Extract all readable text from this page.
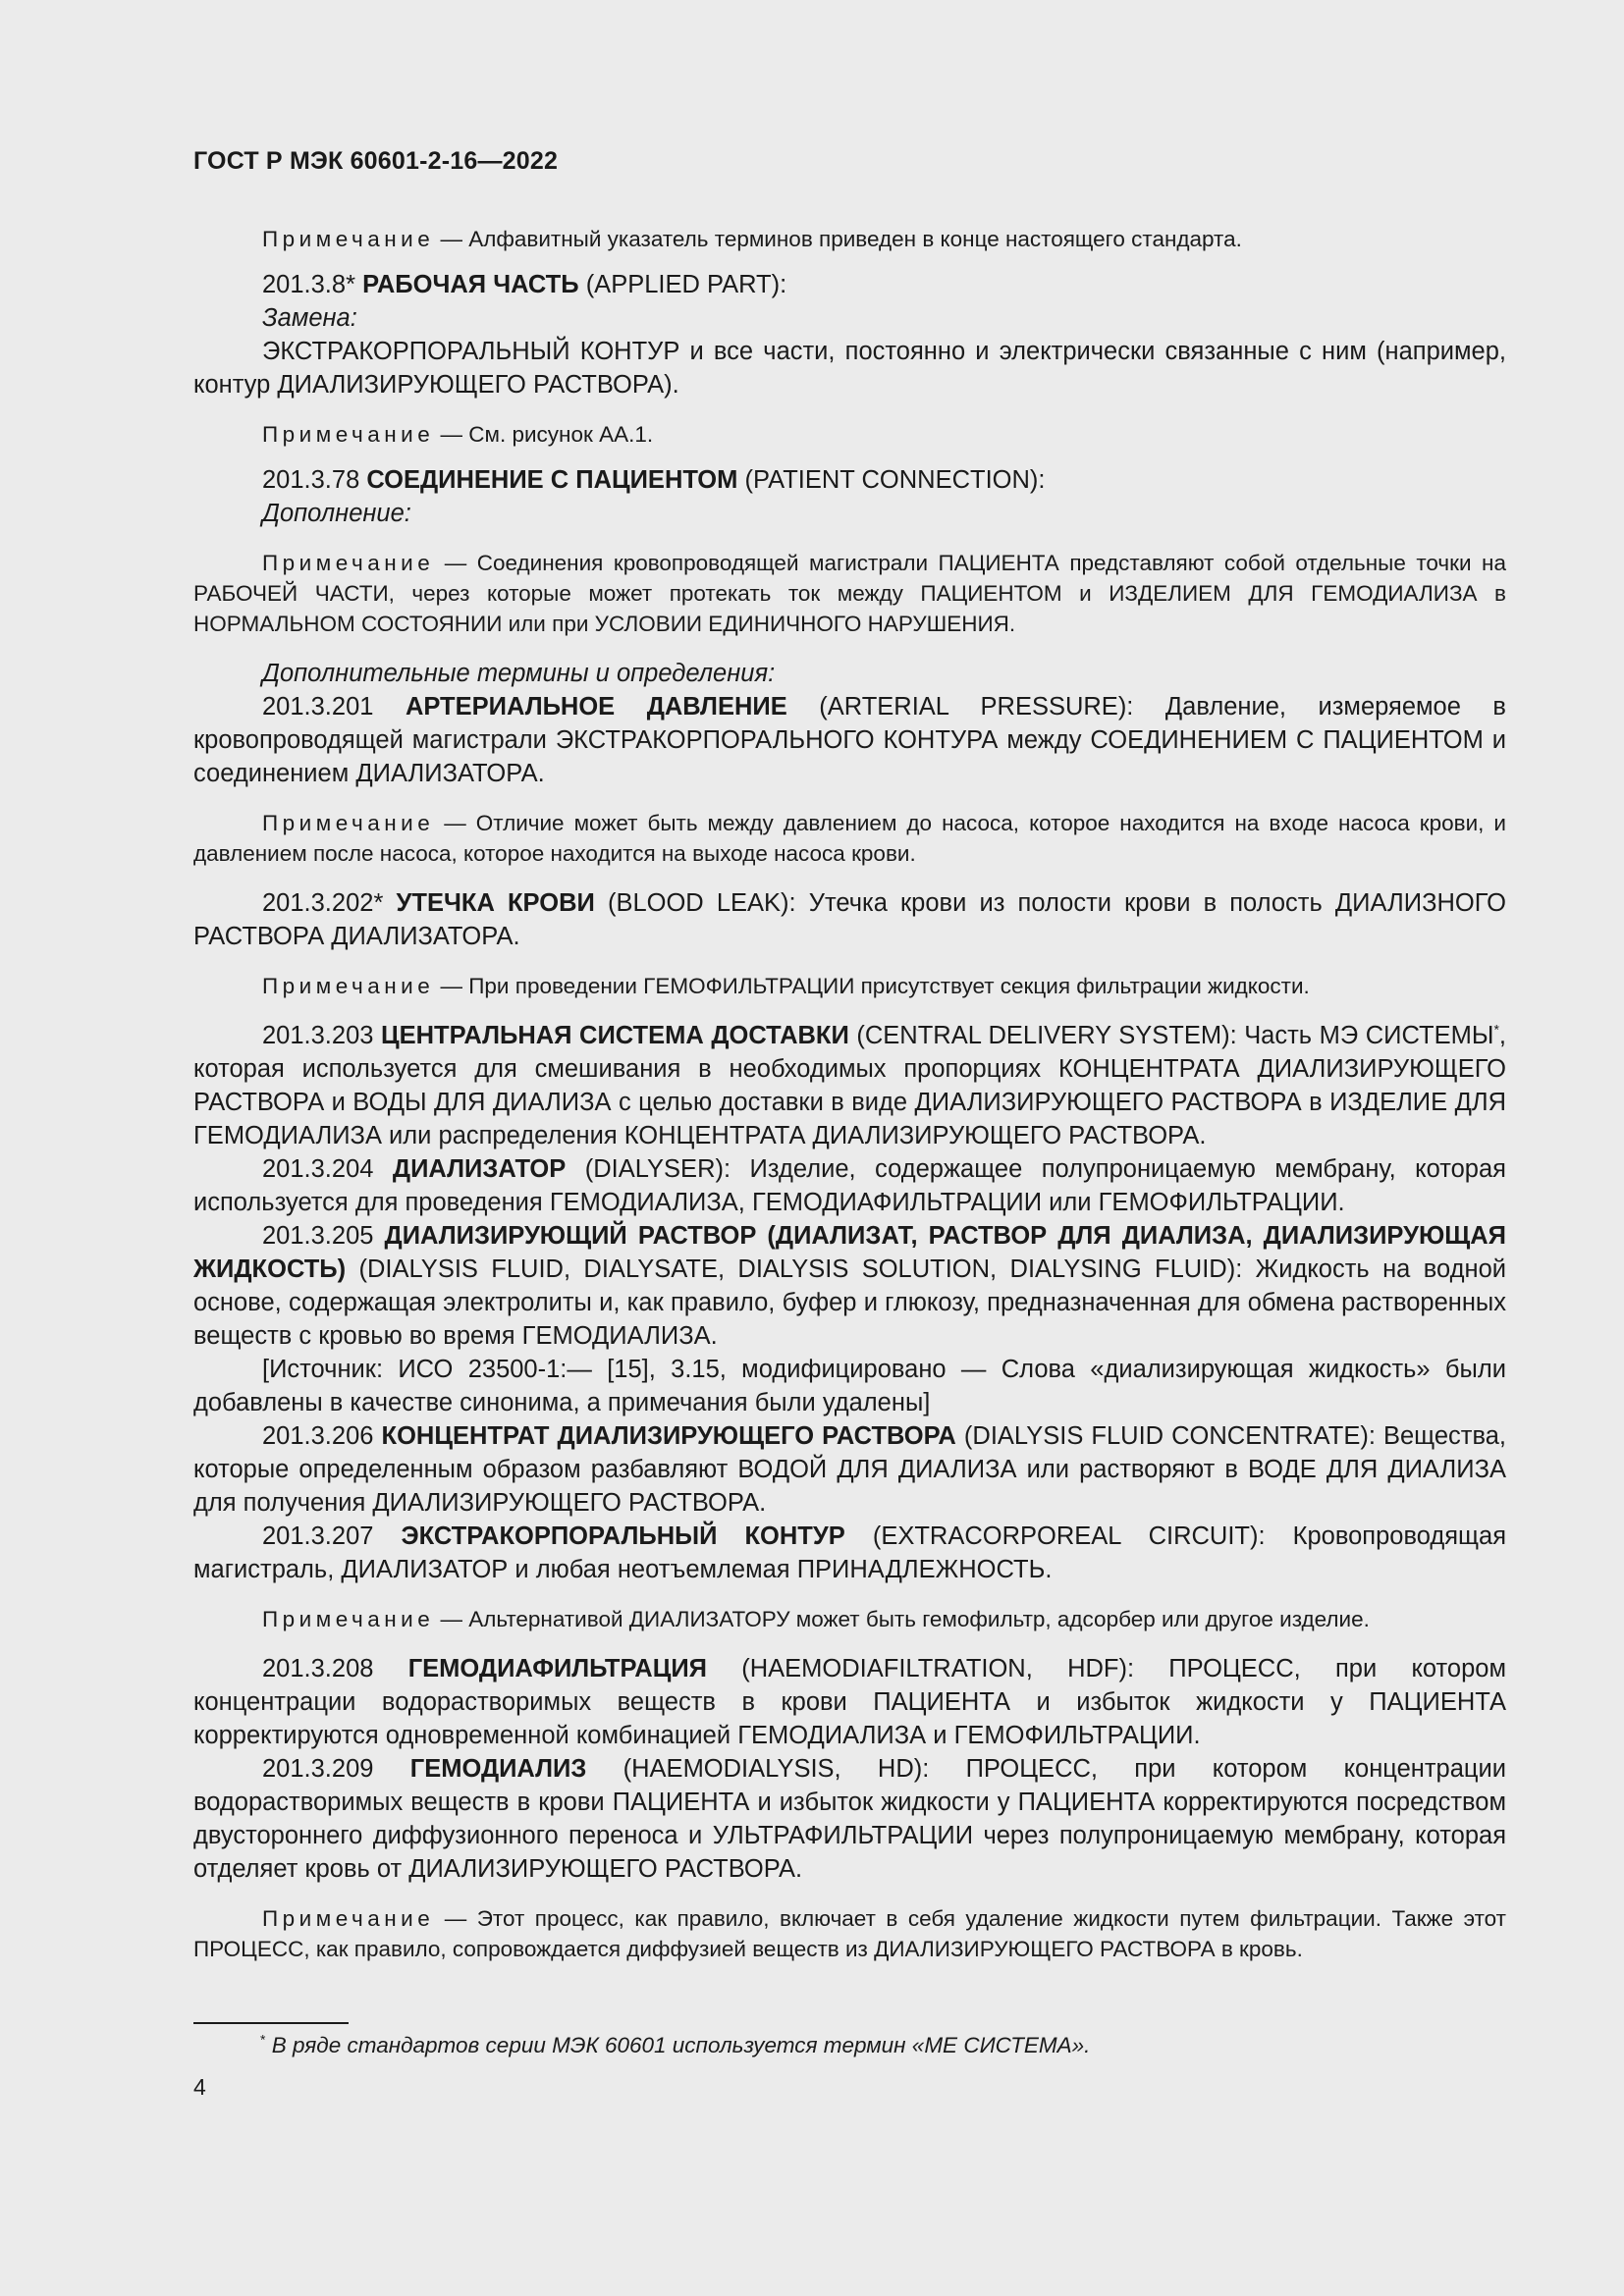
ГОСТ Р МЭК 60601-2-16—2022

Примечание — Алфавитный указатель терминов приведен в конце настоящего стандарта.

201.3.8* РАБОЧАЯ ЧАСТЬ (APPLIED PART):

Замена:

ЭКСТРАКОРПОРАЛЬНЫЙ КОНТУР и все части, постоянно и электрически связанные с ним (например, контур ДИАЛИЗИРУЮЩЕГО РАСТВОРА).

Примечание — См. рисунок АА.1.

201.3.78 СОЕДИНЕНИЕ С ПАЦИЕНТОМ (PATIENT CONNECTION):

Дополнение:

Примечание — Соединения кровопроводящей магистрали ПАЦИЕНТА представляют собой отдельные точки на РАБОЧЕЙ ЧАСТИ, через которые может протекать ток между ПАЦИЕНТОМ и ИЗДЕЛИЕМ ДЛЯ ГЕМОДИАЛИЗА в НОРМАЛЬНОМ СОСТОЯНИИ или при УСЛОВИИ ЕДИНИЧНОГО НАРУШЕНИЯ.

Дополнительные термины и определения:

201.3.201 АРТЕРИАЛЬНОЕ ДАВЛЕНИЕ (ARTERIAL PRESSURE): Давление, измеряемое в кровопроводящей магистрали ЭКСТРАКОРПОРАЛЬНОГО КОНТУРА между СОЕДИНЕНИЕМ С ПАЦИЕНТОМ и соединением ДИАЛИЗАТОРА.

Примечание — Отличие может быть между давлением до насоса, которое находится на входе насоса крови, и давлением после насоса, которое находится на выходе насоса крови.

201.3.202* УТЕЧКА КРОВИ (BLOOD LEAK): Утечка крови из полости крови в полость ДИАЛИЗНОГО РАСТВОРА ДИАЛИЗАТОРА.

Примечание — При проведении ГЕМОФИЛЬТРАЦИИ присутствует секция фильтрации жидкости.

201.3.203 ЦЕНТРАЛЬНАЯ СИСТЕМА ДОСТАВКИ (CENTRAL DELIVERY SYSTEM): Часть МЭ СИСТЕМЫ*, которая используется для смешивания в необходимых пропорциях КОНЦЕНТРАТА ДИАЛИЗИРУЮЩЕГО РАСТВОРА и ВОДЫ ДЛЯ ДИАЛИЗА с целью доставки в виде ДИАЛИЗИРУЮЩЕГО РАСТВОРА в ИЗДЕЛИЕ ДЛЯ ГЕМОДИАЛИЗА или распределения КОНЦЕНТРАТА ДИАЛИЗИРУЮЩЕГО РАСТВОРА.

201.3.204 ДИАЛИЗАТОР (DIALYSER): Изделие, содержащее полупроницаемую мембрану, которая используется для проведения ГЕМОДИАЛИЗА, ГЕМОДИАФИЛЬТРАЦИИ или ГЕМОФИЛЬТРАЦИИ.

201.3.205 ДИАЛИЗИРУЮЩИЙ РАСТВОР (ДИАЛИЗАТ, РАСТВОР ДЛЯ ДИАЛИЗА, ДИАЛИЗИРУЮЩАЯ ЖИДКОСТЬ) (DIALYSIS FLUID, DIALYSATE, DIALYSIS SOLUTION, DIALYSING FLUID): Жидкость на водной основе, содержащая электролиты и, как правило, буфер и глюкозу, предназначенная для обмена растворенных веществ с кровью во время ГЕМОДИАЛИЗА.

[Источник: ИСО 23500-1:— [15], 3.15, модифицировано — Слова «диализирующая жидкость» были добавлены в качестве синонима, а примечания были удалены]

201.3.206 КОНЦЕНТРАТ ДИАЛИЗИРУЮЩЕГО РАСТВОРА (DIALYSIS FLUID CONCENTRATE): Вещества, которые определенным образом разбавляют ВОДОЙ ДЛЯ ДИАЛИЗА или растворяют в ВОДЕ ДЛЯ ДИАЛИЗА для получения ДИАЛИЗИРУЮЩЕГО РАСТВОРА.

201.3.207 ЭКСТРАКОРПОРАЛЬНЫЙ КОНТУР (EXTRACORPOREAL CIRCUIT): Кровопроводящая магистраль, ДИАЛИЗАТОР и любая неотъемлемая ПРИНАДЛЕЖНОСТЬ.

Примечание — Альтернативой ДИАЛИЗАТОРУ может быть гемофильтр, адсорбер или другое изделие.

201.3.208 ГЕМОДИАФИЛЬТРАЦИЯ (HAEMODIAFILTRATION, HDF): ПРОЦЕСС, при котором концентрации водорастворимых веществ в крови ПАЦИЕНТА и избыток жидкости у ПАЦИЕНТА корректируются одновременной комбинацией ГЕМОДИАЛИЗА и ГЕМОФИЛЬТРАЦИИ.

201.3.209 ГЕМОДИАЛИЗ (HAEMODIALYSIS, HD): ПРОЦЕСС, при котором концентрации водорастворимых веществ в крови ПАЦИЕНТА и избыток жидкости у ПАЦИЕНТА корректируются посредством двустороннего диффузионного переноса и УЛЬТРАФИЛЬТРАЦИИ через полупроницаемую мембрану, которая отделяет кровь от ДИАЛИЗИРУЮЩЕГО РАСТВОРА.

Примечание — Этот процесс, как правило, включает в себя удаление жидкости путем фильтрации. Также этот ПРОЦЕСС, как правило, сопровождается диффузией веществ из ДИАЛИЗИРУЮЩЕГО РАСТВОРА в кровь.

* В ряде стандартов серии МЭК 60601 используется термин «МЕ СИСТЕМА».
4
